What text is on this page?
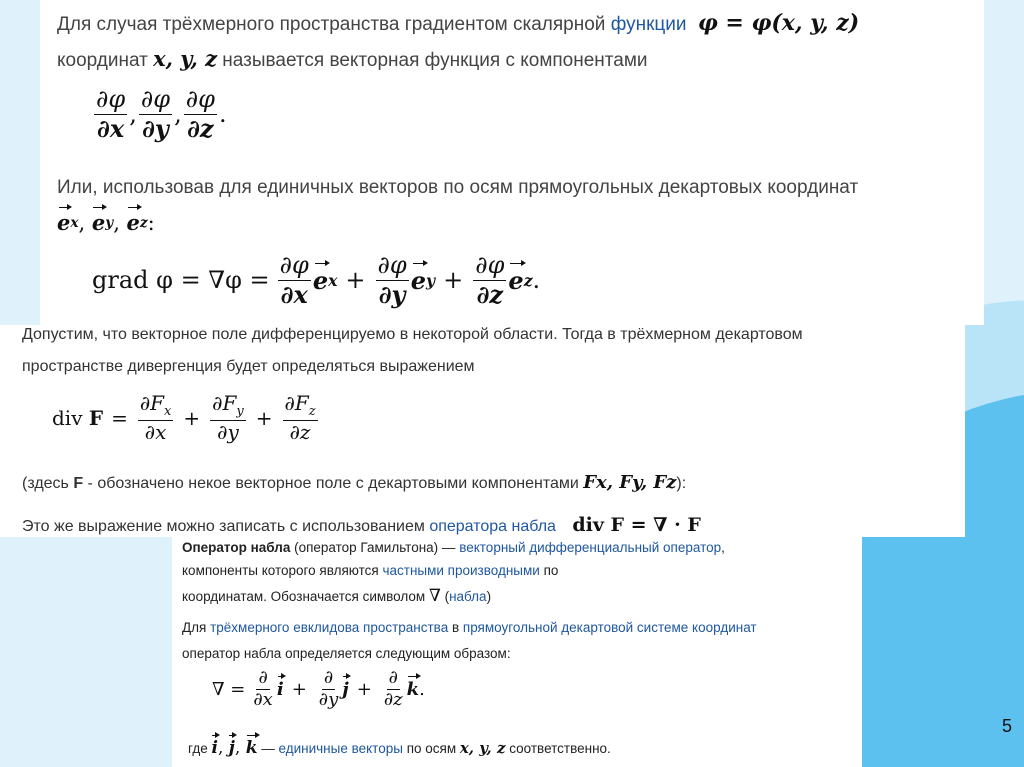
Для случая трёхмерного пространства градиентом скалярной функции φ = φ(x, y, z)
координат x, y, z называется векторная функция с компонентами
$\frac{\partial\varphi}{\partial x}$ , $\frac{\partial\varphi}{\partial y}$ , $\frac{\partial\varphi}{\partial z}$ .
Или, использовав для единичных векторов по осям прямоугольных декартовых координат
e x , e y , e z :
grad $\varphi = \nabla\varphi = \frac{\partial\varphi}{\partial x}$ e $x + \frac{\partial\varphi}{\partial y}$ e $y + \frac{\partial\varphi}{\partial z}$ e z .
Допустим, что векторное поле дифференцируемо в некоторой области. Тогда в трёхмерном декартовом
пространстве дивергенция будет определяться выражением
div
$F = \frac{\partial F_x}{\partial x} + \frac{\partial F_y}{\partial y} + \frac{\partial F_z}{\partial z}$
(здесь F - обозначено некое векторное поле с декартовыми компонентами Fx, Fy, Fz):
Это же выражение можно записать с использованием оператора набла div F = ∇ · F
Оператор набла (оператор Гамильтона) — векторный дифференциальный оператор,
компоненты которого являются частными производными по
координатам. Обозначается символом ∇ (набла)
Для трёхмерного евклидова пространства в прямоугольной декартовой системе координат
оператор набла определяется следующим образом:
∇ = $\frac{\partial}{\partial x}$ $i + \frac{\partial}{\partial y}$ $j + \frac{\partial}{\partial z}$ k .
где i, j, k — единичные векторы по осям x, y, z соответственно.
5
